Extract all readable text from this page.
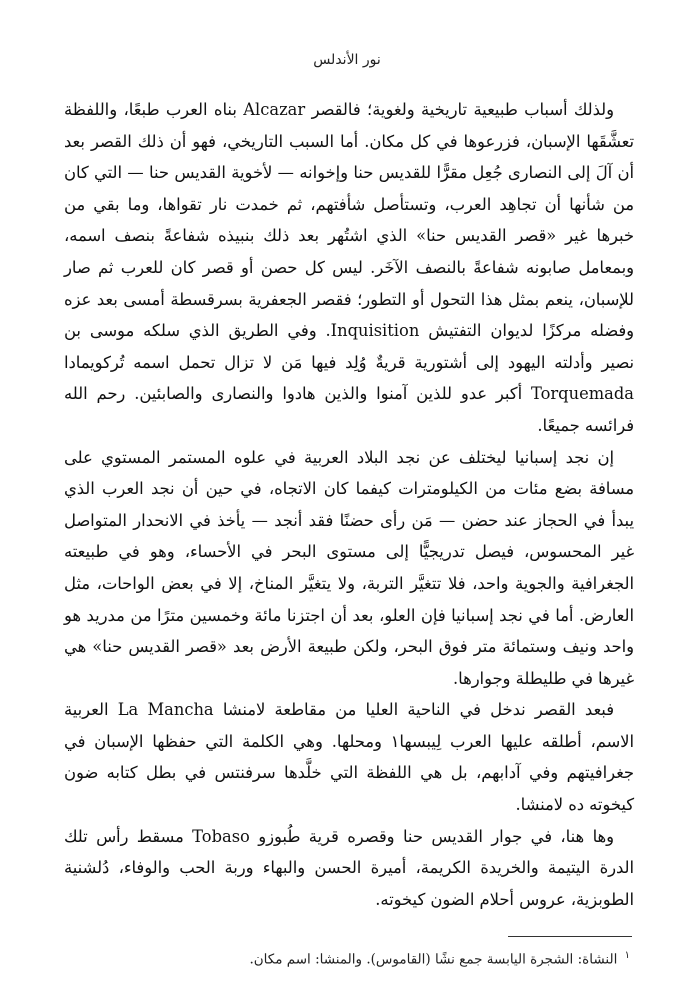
نور الأندلس

ولذلك أسباب طبيعية تاريخية ولغوية؛ فالقصر Alcazar بناه العرب طبعًا، واللفظة تعشَّقَها الإسبان، فزرعوها في كل مكان. أما السبب التاريخي، فهو أن ذلك القصر بعد أن آلَ إلى النصارى جُعِل مقرًّا للقديس حنا وإخوانه — لأخوية القديس حنا — التي كان من شأنها أن تجاهِد العرب، وتستأصل شأفتهم، ثم خمدت نار تقواها، وما بقي من خبرها غير «قصر القديس حنا» الذي اشتُهر بعد ذلك بنبيذه شفاعةً بنصف اسمه، وبمعامل صابونه شفاعةً بالنصف الآخَر. ليس كل حصن أو قصر كان للعرب ثم صار للإسبان، ينعم بمثل هذا التحول أو التطور؛ فقصر الجعفرية بسرقسطة أمسى بعد عزه وفضله مركزًا لديوان التفتيش Inquisition. وفي الطريق الذي سلكه موسى بن نصير وأدلته اليهود إلى أشتورية قريةٌ وُلِد فيها مَن لا تزال تحمل اسمه تُركويمادا Torquemada أكبر عدو للذين آمنوا والذين هادوا والنصارى والصابئين. رحم الله فرائسه جميعًا.

إن نجد إسبانيا ليختلف عن نجد البلاد العربية في علوه المستمر المستوي على مسافة بضع مئات من الكيلومترات كيفما كان الاتجاه، في حين أن نجد العرب الذي يبدأ في الحجاز عند حضن — مَن رأى حضنًا فقد أنجد — يأخذ في الانحدار المتواصل غير المحسوس، فيصل تدريجيًّا إلى مستوى البحر في الأحساء، وهو في طبيعته الجغرافية والجوية واحد، فلا تتغيَّر التربة، ولا يتغيَّر المناخ، إلا في بعض الواحات، مثل العارض. أما في نجد إسبانيا فإن العلو، بعد أن اجتزنا مائة وخمسين مترًا من مدريد هو واحد ونيف وستمائة متر فوق البحر، ولكن طبيعة الأرض بعد «قصر القديس حنا» هي غيرها في طليطلة وجوارها.

فبعد القصر ندخل في الناحية العليا من مقاطعة لامنشا La Mancha العربية الاسم، أطلقه عليها العرب لِيبسها١ ومحلها. وهي الكلمة التي حفظها الإسبان في جغرافيتهم وفي آدابهم، بل هي اللفظة التي خلَّدها سرفنتس في بطل كتابه ضون كيخوته ده لامنشا.

وها هنا، في جوار القديس حنا وقصره قرية طُبوزو Tobaso مسقط رأس تلك الدرة اليتيمة والخريدة الكريمة، أميرة الحسن والبهاء وربة الحب والوفاء، دُلشنية الطوبزية، عروس أحلام الضون كيخوته.

$^١$ النشاة: الشجرة اليابسة جمع نشًا (القاموس). والمنشا: اسم مكان.
